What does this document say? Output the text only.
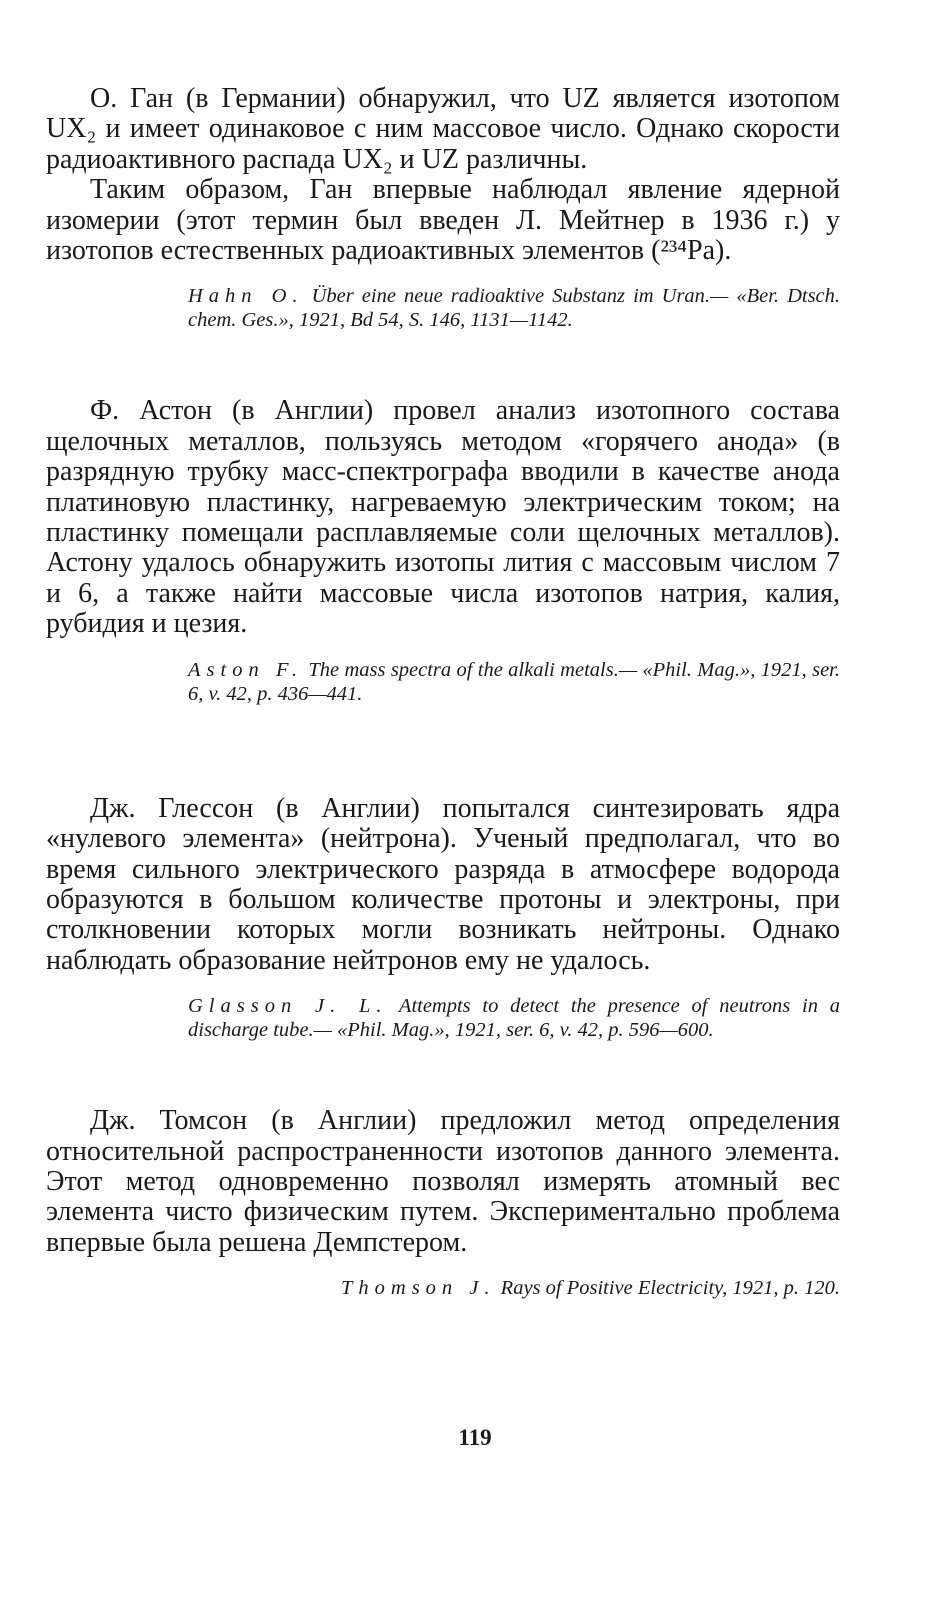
О. Ган (в Германии) обнаружил, что UZ является изотопом UX₂ и имеет одинаковое с ним массовое число. Однако скорости радиоактивного распада UX₂ и UZ различны.

Таким образом, Ган впервые наблюдал явление ядерной изомерии (этот термин был введен Л. Мейтнер в 1936 г.) у изотопов естественных радиоактивных элементов (²³⁴Pa).

Hahn O. Über eine neue radioaktive Substanz im Uran.— «Ber. Dtsch. chem. Ges.», 1921, Bd 54, S. 146, 1131—1142.

Ф. Астон (в Англии) провел анализ изотопного состава щелочных металлов, пользуясь методом «горячего анода» (в разрядную трубку масс-спектрографа вводили в качестве анода платиновую пластинку, нагреваемую электрическим током; на пластинку помещали расплавляемые соли щелочных металлов). Астону удалось обнаружить изотопы лития с массовым числом 7 и 6, а также найти массовые числа изотопов натрия, калия, рубидия и цезия.

Aston F. The mass spectra of the alkali metals.— «Phil. Mag.», 1921, ser. 6, v. 42, p. 436—441.

Дж. Глессон (в Англии) попытался синтезировать ядра «нулевого элемента» (нейтрона). Ученый предполагал, что во время сильного электрического разряда в атмосфере водорода образуются в большом количестве протоны и электроны, при столкновении которых могли возникать нейтроны. Однако наблюдать образование нейтронов ему не удалось.

Glasson J. L. Attempts to detect the presence of neutrons in a discharge tube.— «Phil. Mag.», 1921, ser. 6, v. 42, p. 596—600.

Дж. Томсон (в Англии) предложил метод определения относительной распространенности изотопов данного элемента. Этот метод одновременно позволял измерять атомный вес элемента чисто физическим путем. Экспериментально проблема впервые была решена Демпстером.

Thomson J. Rays of Positive Electricity, 1921, p. 120.

119
